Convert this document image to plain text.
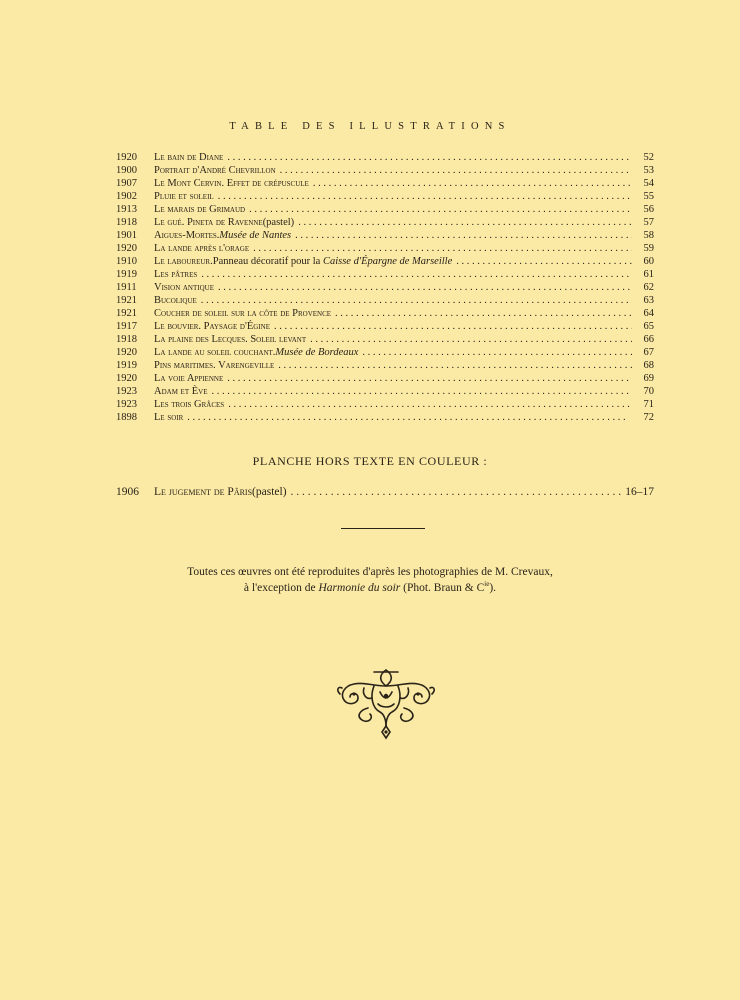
TABLE DES ILLUSTRATIONS
1920	Le bain de Diane . . .	52
1900	Portrait d'André Chevrillon . . .	53
1907	Le Mont Cervin. Effet de crépuscule . . .	54
1902	Pluie et soleil . . .	55
1913	Le marais de Grimaud . . .	56
1918	Le gué. Pineta de Ravenne (pastel) . . .	57
1901	Aigues-Mortes. Musée de Nantes . . .	58
1920	La lande après l'orage . . .	59
1910	Le laboureur. Panneau décoratif pour la Caisse d'Épargne de Marseille . . .	60
1919	Les pâtres . . .	61
1911	Vision antique . . .	62
1921	Bucolique . . .	63
1921	Coucher de soleil sur la côte de Provence . . .	64
1917	Le bouvier. Paysage d'Égine . . .	65
1918	La plaine des Lecques. Soleil levant . . .	66
1920	La lande au soleil couchant. Musée de Bordeaux . . .	67
1919	Pins maritimes. Varengeville . . .	68
1920	La voie Appienne . . .	69
1923	Adam et Ève . . .	70
1923	Les trois Grâces . . .	71
1898	Le soir . . .	72
PLANCHE HORS TEXTE EN COULEUR :
1906	Le jugement de Pâris (pastel) . . .	16–17
Toutes ces œuvres ont été reproduites d'après les photographies de M. Crevaux,
à l'exception de Harmonie du soir (Phot. Braun & $C^{ie}$).
